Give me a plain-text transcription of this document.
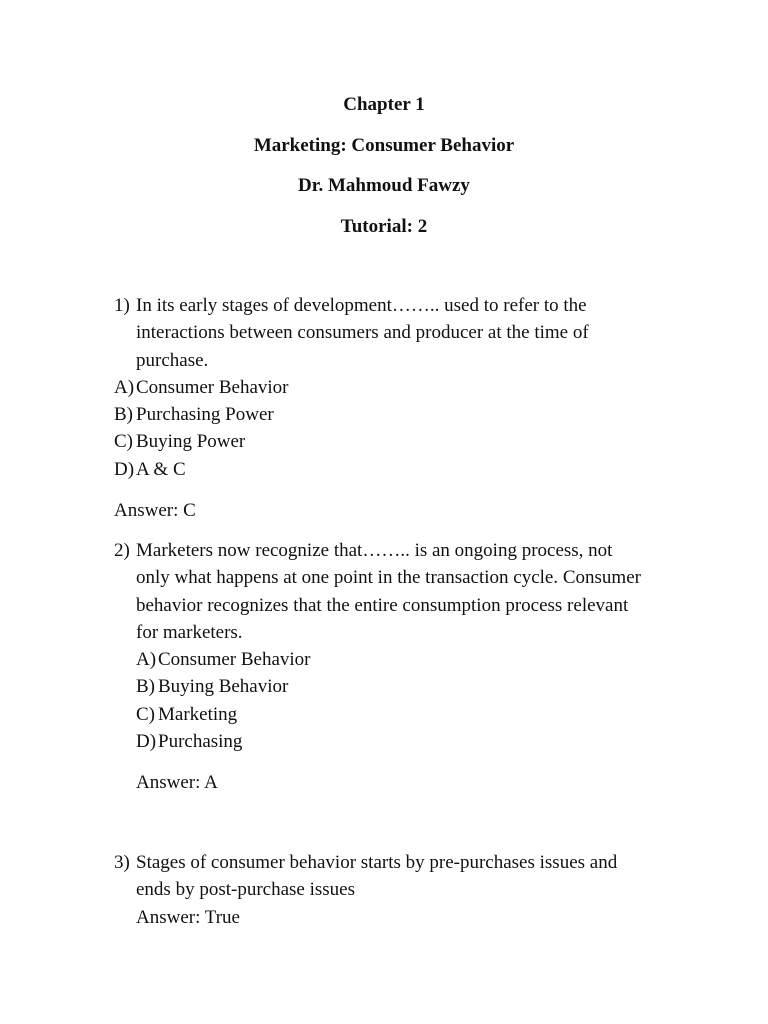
Chapter 1
Marketing: Consumer Behavior
Dr. Mahmoud Fawzy
Tutorial: 2
1) In its early stages of development…….. used to refer to the
interactions between consumers and producer at the time of
purchase.
A) Consumer Behavior
B) Purchasing Power
C) Buying Power
D) A & C
Answer: C
2) Marketers now recognize that…….. is an ongoing process, not
only what happens at one point in the transaction cycle. Consumer
behavior recognizes that the entire consumption process relevant
for marketers.
A) Consumer Behavior
B) Buying Behavior
C) Marketing
D) Purchasing
Answer: A
3) Stages of consumer behavior starts by pre-purchases issues and
ends by post-purchase issues
Answer: True
